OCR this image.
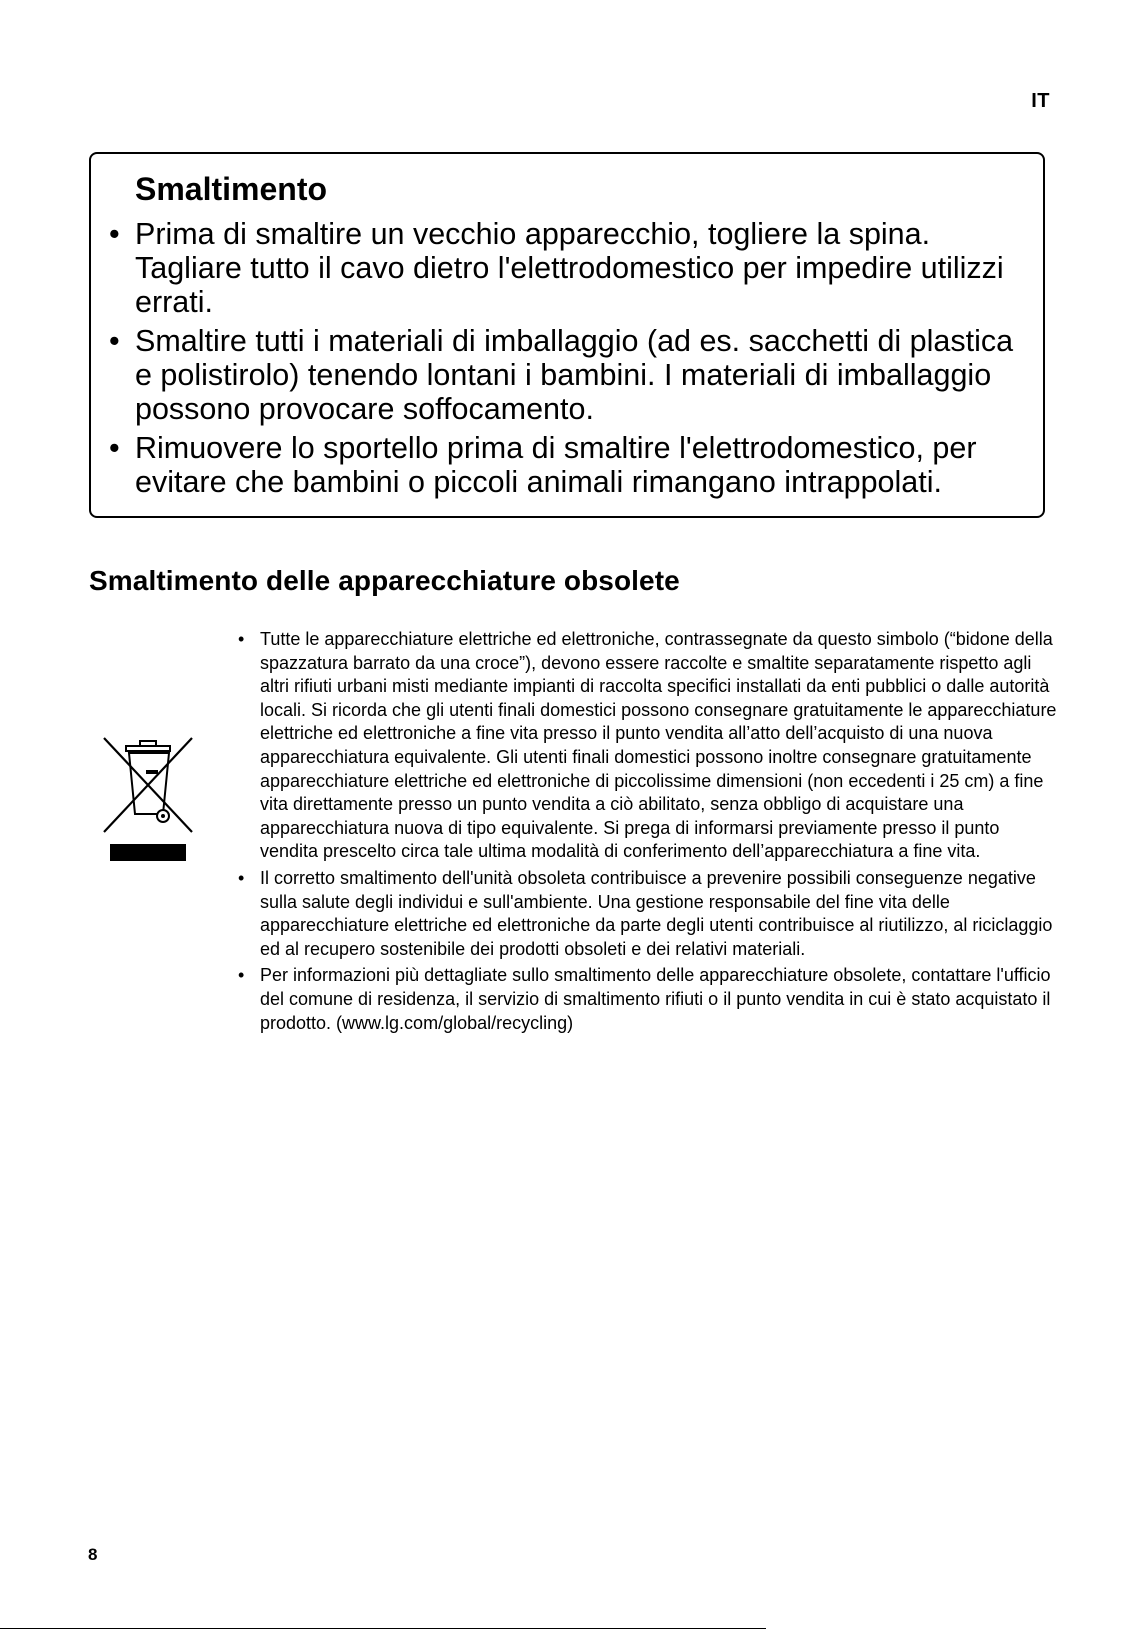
IT
Smaltimento
• Prima di smaltire un vecchio apparecchio, togliere la spina. Tagliare tutto il cavo dietro l'elettrodomestico per impedire utilizzi errati.
• Smaltire tutti i materiali di imballaggio (ad es. sacchetti di plastica e polistirolo) tenendo lontani i bambini. I materiali di imballaggio possono provocare soffocamento.
• Rimuovere lo sportello prima di smaltire l'elettrodomestico, per evitare che bambini o piccoli animali rimangano intrappolati.
Smaltimento delle apparecchiature obsolete
• Tutte le apparecchiature elettriche ed elettroniche, contrassegnate da questo simbolo (“bidone della spazzatura barrato da una croce”), devono essere raccolte e smaltite separatamente rispetto agli altri rifiuti urbani misti mediante impianti di raccolta specifici installati da enti pubblici o dalle autorità locali. Si ricorda che gli utenti finali domestici possono consegnare gratuitamente le apparecchiature elettriche ed elettroniche a fine vita presso il punto vendita all’atto dell’acquisto di una nuova apparecchiatura equivalente. Gli utenti finali domestici possono inoltre consegnare gratuitamente apparecchiature elettriche ed elettroniche di piccolissime dimensioni (non eccedenti i 25 cm) a fine vita direttamente presso un punto vendita a ciò abilitato, senza obbligo di acquistare una apparecchiatura nuova di tipo equivalente. Si prega di informarsi previamente presso il punto vendita prescelto circa tale ultima modalità di conferimento dell’apparecchiatura a fine vita.
• Il corretto smaltimento dell'unità obsoleta contribuisce a prevenire possibili conseguenze negative sulla salute degli individui e sull'ambiente. Una gestione responsabile del fine vita delle apparecchiature elettriche ed elettroniche da parte degli utenti contribuisce al riutilizzo, al riciclaggio ed al recupero sostenibile dei prodotti obsoleti e dei relativi materiali.
• Per informazioni più dettagliate sullo smaltimento delle apparecchiature obsolete, contattare l'ufficio del comune di residenza, il servizio di smaltimento rifiuti o il punto vendita in cui è stato acquistato il prodotto. (www.lg.com/global/recycling)
8
